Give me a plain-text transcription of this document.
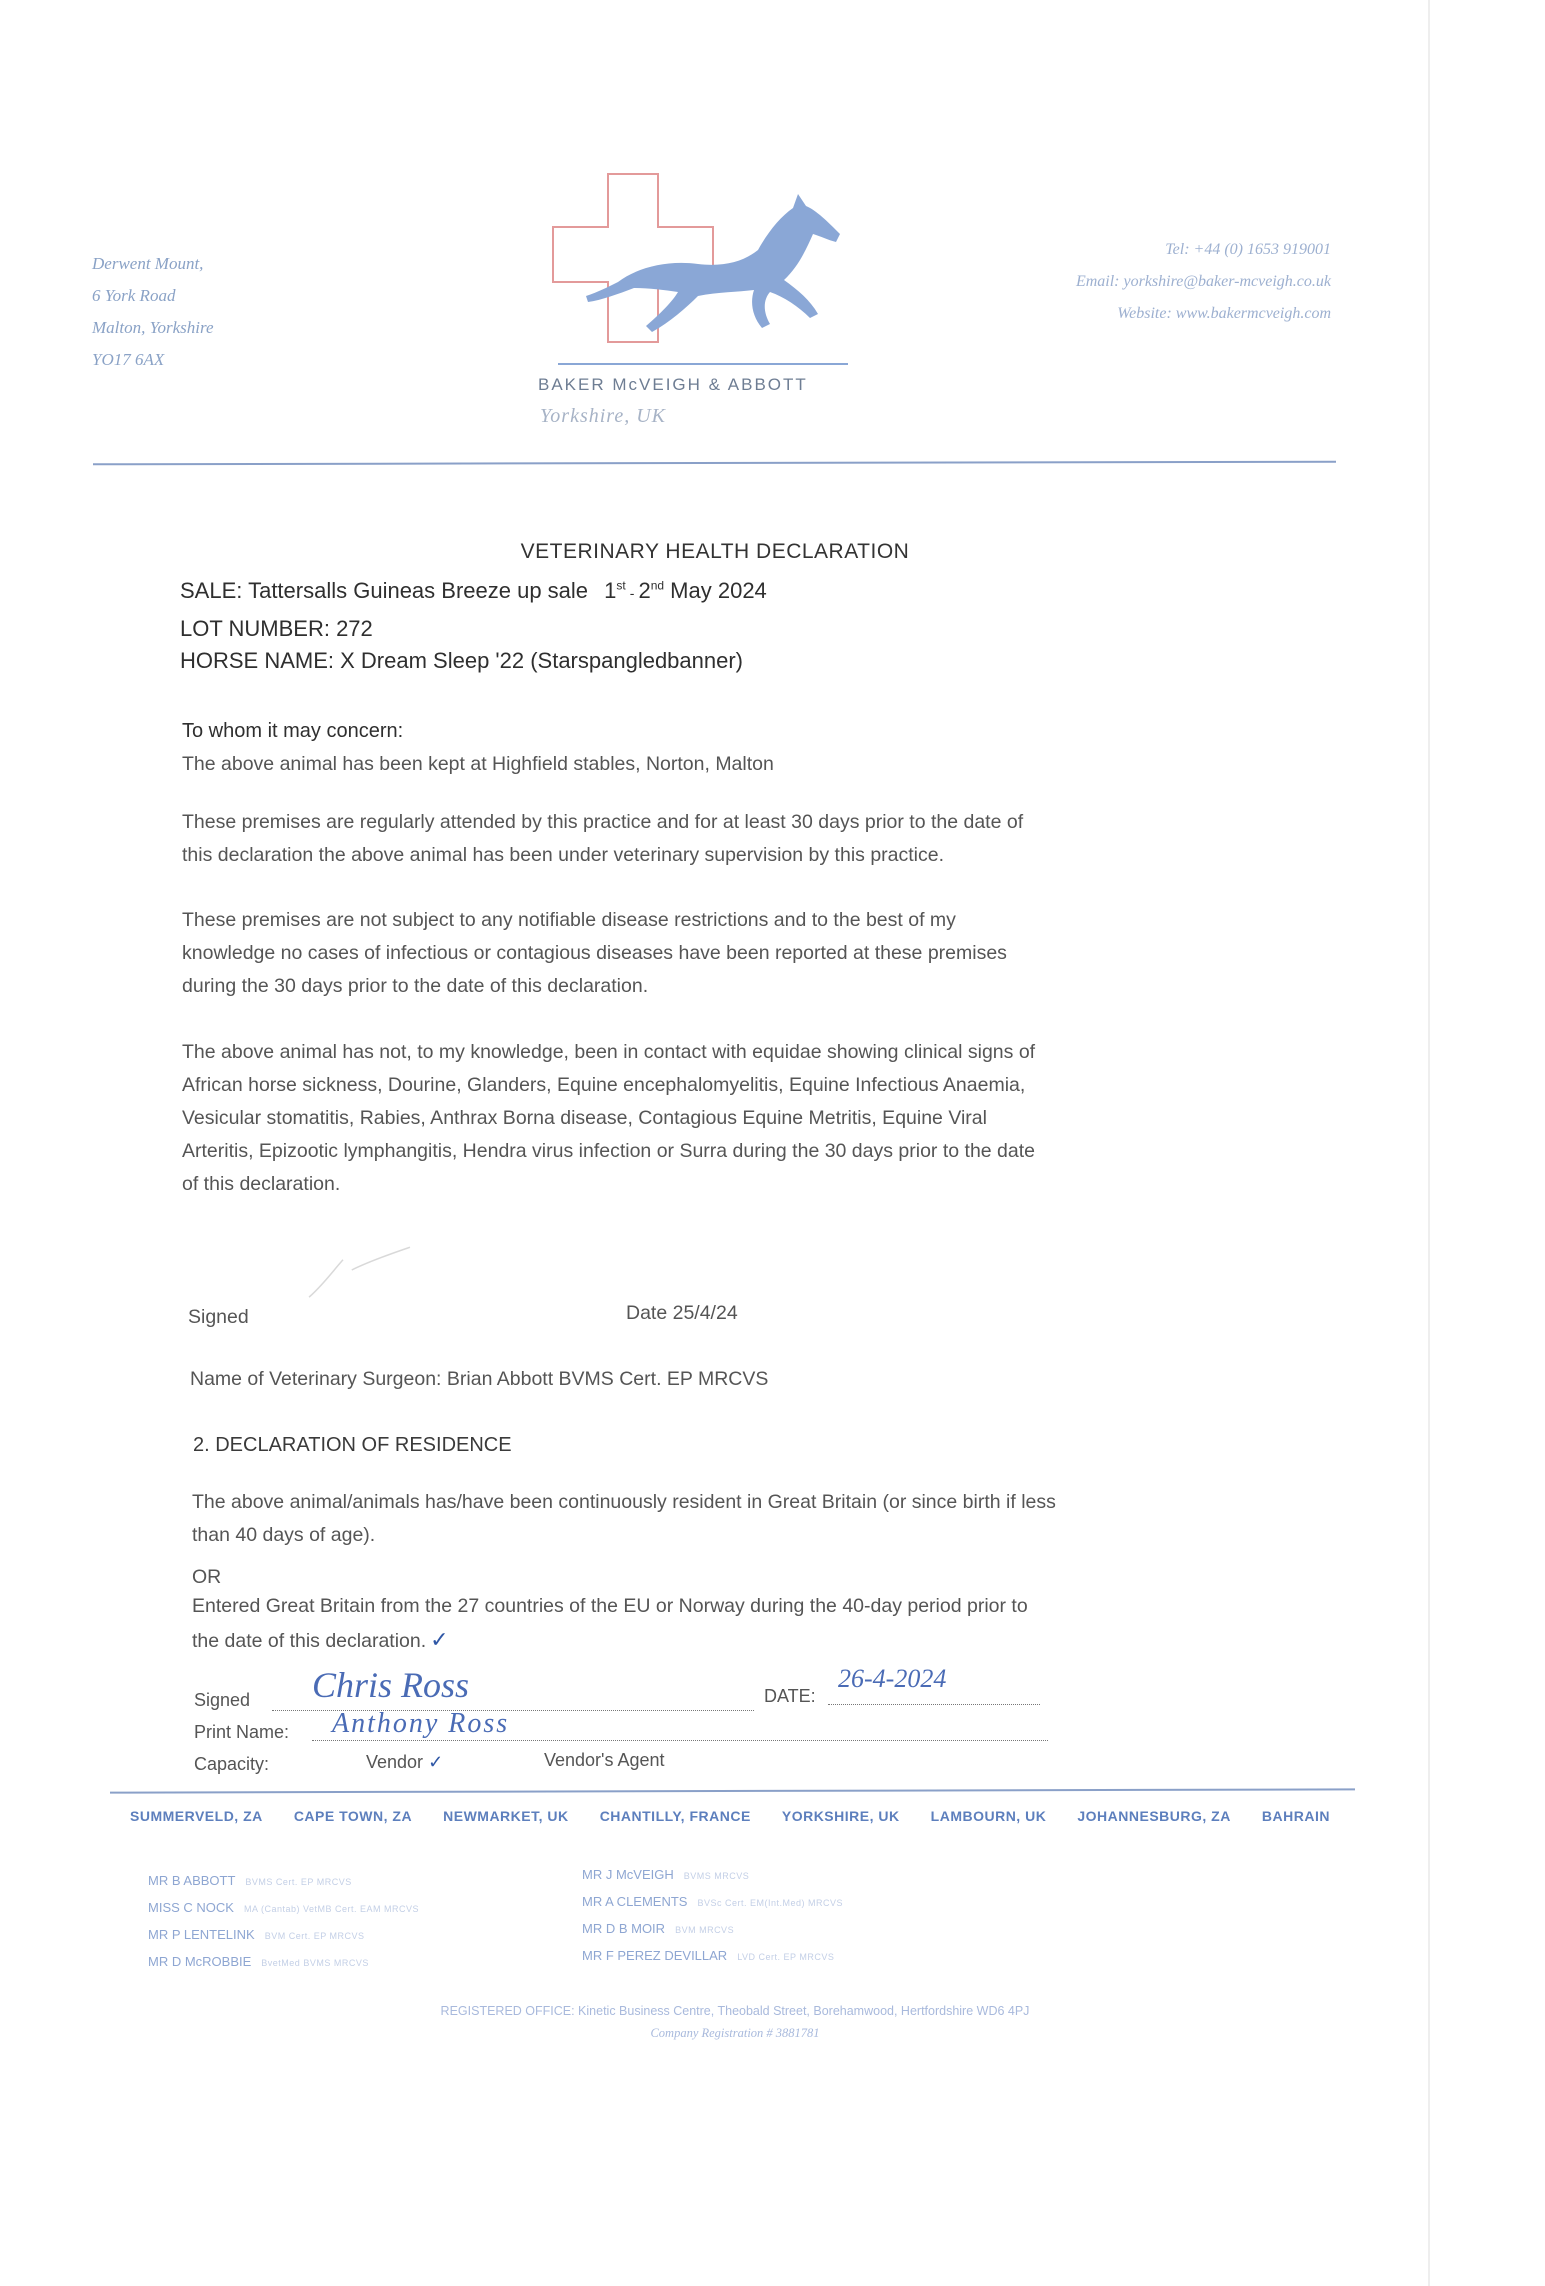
Derwent Mount,
6 York Road
Malton, Yorkshire
YO17 6AX
BAKER McVEIGH & ABBOTT
Yorkshire, UK
Tel: +44 (0) 1653 919001
Email: yorkshire@baker-mcveigh.co.uk
Website: www.bakermcveigh.com
VETERINARY HEALTH DECLARATION
SALE: Tattersalls Guineas Breeze up sale 1st - 2nd May 2024
LOT NUMBER: 272
HORSE NAME: X Dream Sleep '22 (Starspangledbanner)
To whom it may concern:
The above animal has been kept at Highfield stables, Norton, Malton

These premises are regularly attended by this practice and for at least 30 days prior to the date of

this declaration the above animal has been under veterinary supervision by this practice.

These premises are not subject to any notifiable disease restrictions and to the best of my

knowledge no cases of infectious or contagious diseases have been reported at these premises

during the 30 days prior to the date of this declaration.

The above animal has not, to my knowledge, been in contact with equidae showing clinical signs of

African horse sickness, Dourine, Glanders, Equine encephalomyelitis, Equine Infectious Anaemia,

Vesicular stomatitis, Rabies, Anthrax Borna disease, Contagious Equine Metritis, Equine Viral

Arteritis, Epizootic lymphangitis, Hendra virus infection or Surra during the 30 days prior to the date

of this declaration.

Signed	Date 25/4/24
Name of Veterinary Surgeon: Brian Abbott BVMS Cert. EP MRCVS
2. DECLARATION OF RESIDENCE

The above animal/animals has/have been continuously resident in Great Britain (or since birth if less

than 40 days of age).

OR

Entered Great Britain from the 27 countries of the EU or Norway during the 40-day period prior to

the date of this declaration. ✓

Signed Chris Ross	DATE:
26-4-2024
Print Name: Anthony Ross
Capacity:	Vendor ✓	Vendor's Agent
SUMMERVELD, ZA CAPE TOWN, ZA NEWMARKET, UK CHANTILLY, FRANCE YORKSHIRE, UK LAMBOURN, UK JOHANNESBURG, ZA BAHRAIN
MR B ABBOTT BVMS Cert. EP MRCVS
MISS C NOCK MA (Cantab) VetMB Cert. EAM MRCVS
MR P LENTELINK BVM Cert. EP MRCVS
MR D McROBBIE BvetMed BVMS MRCVS
MR J McVEIGH BVMS MRCVS
MR A CLEMENTS BVSc Cert. EM(Int.Med) MRCVS
MR D B MOIR BVM MRCVS
MR F PEREZ DEVILLAR LVD Cert. EP MRCVS
REGISTERED OFFICE: Kinetic Business Centre, Theobald Street, Borehamwood, Hertfordshire WD6 4PJ
Company Registration # 3881781
